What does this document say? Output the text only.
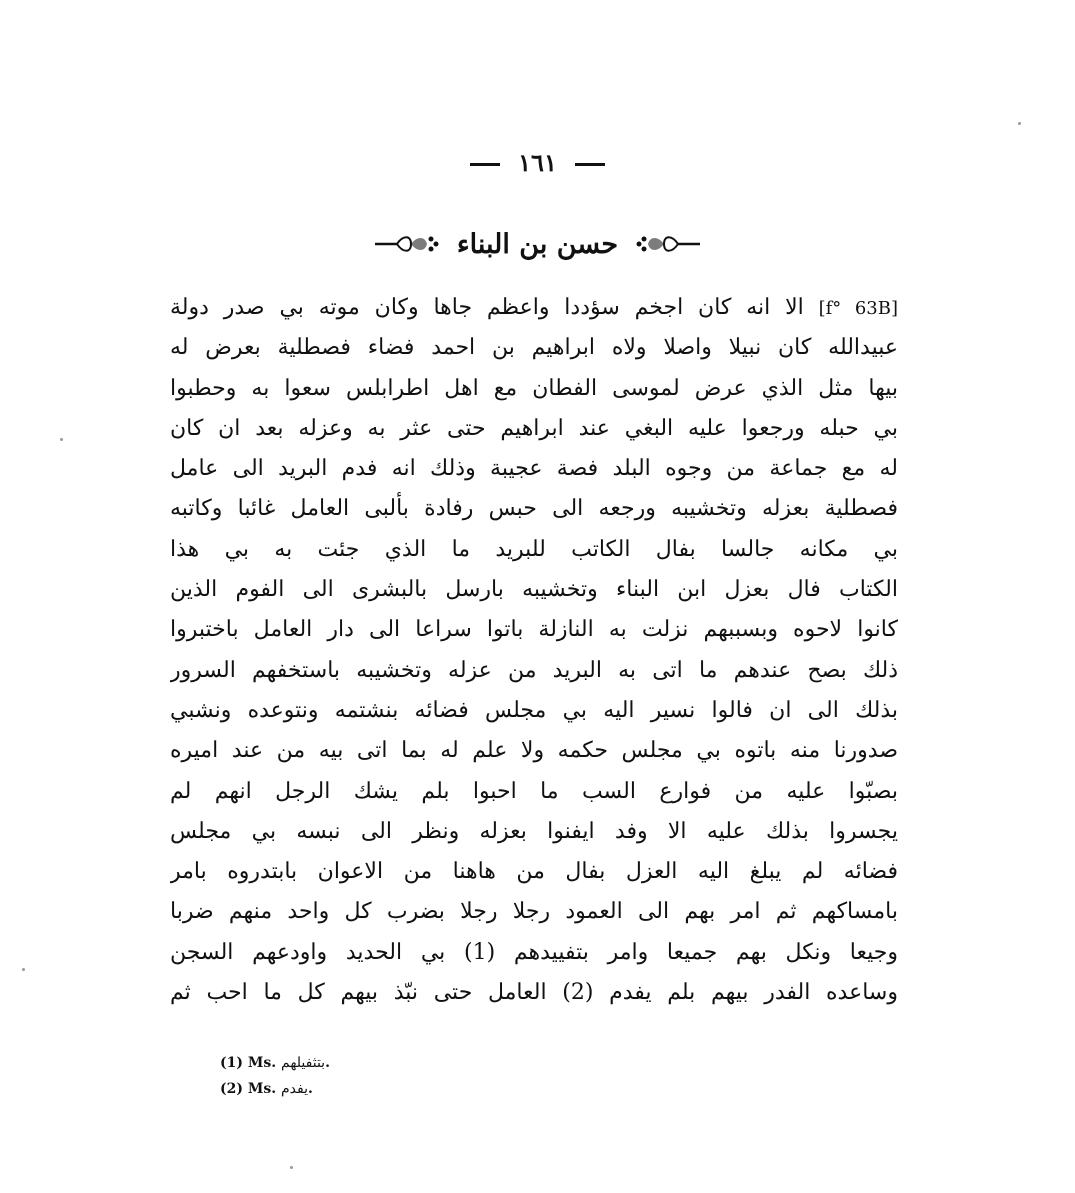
١٦١
حسن بن البناء
[f° 63B] الا انه كان اجخم سؤددا واعظم جاها وكان موته بي صدر دولة
عبيدالله كان نبيلا واصلا ولاه ابراهيم بن احمد فضاء فصطلية بعرض له
بيها مثل الذي عرض لموسى الفطان مع اهل اطرابلس سعوا به وحطبوا
بي حبله ورجعوا عليه البغي عند ابراهيم حتى عثر به وعزله بعد ان كان
له مع جماعة من وجوه البلد فصة عجيبة وذلك انه فدم البريد الى عامل
فصطلية بعزله وتخشيبه ورجعه الى حبس رفادة بألبى العامل غائبا وكاتبه
بي مكانه جالسا بفال الكاتب للبريد ما الذي جئت به بي هذا
الكتاب فال بعزل ابن البناء وتخشيبه بارسل بالبشرى الى الفوم الذين
كانوا لاحوه وبسببهم نزلت به النازلة باتوا سراعا الى دار العامل باختبروا
ذلك بصح عندهم ما اتى به البريد من عزله وتخشيبه باستخفهم السرور
بذلك الى ان فالوا نسير اليه بي مجلس فضائه بنشتمه ونتوعده ونشبي
صدورنا منه باتوه بي مجلس حكمه ولا علم له بما اتى بيه من عند اميره
بصبّوا عليه من فوارع السب ما احبوا بلم يشك الرجل انهم لم
يجسروا بذلك عليه الا وفد ايفنوا بعزله ونظر الى نبسه بي مجلس
فضائه لم يبلغ اليه العزل بفال من هاهنا من الاعوان بابتدروه بامر
بامساكهم ثم امر بهم الى العمود رجلا رجلا بضرب كل واحد منهم ضربا
وجيعا ونكل بهم جميعا وامر بتفييدهم (1) بي الحديد واودعهم السجن
وساعده الفدر بيهم بلم يفدم (2) العامل حتى نبّذ بيهم كل ما احب ثم
(1) Ms. بتثفيلهم.
(2) Ms. يفدم.
